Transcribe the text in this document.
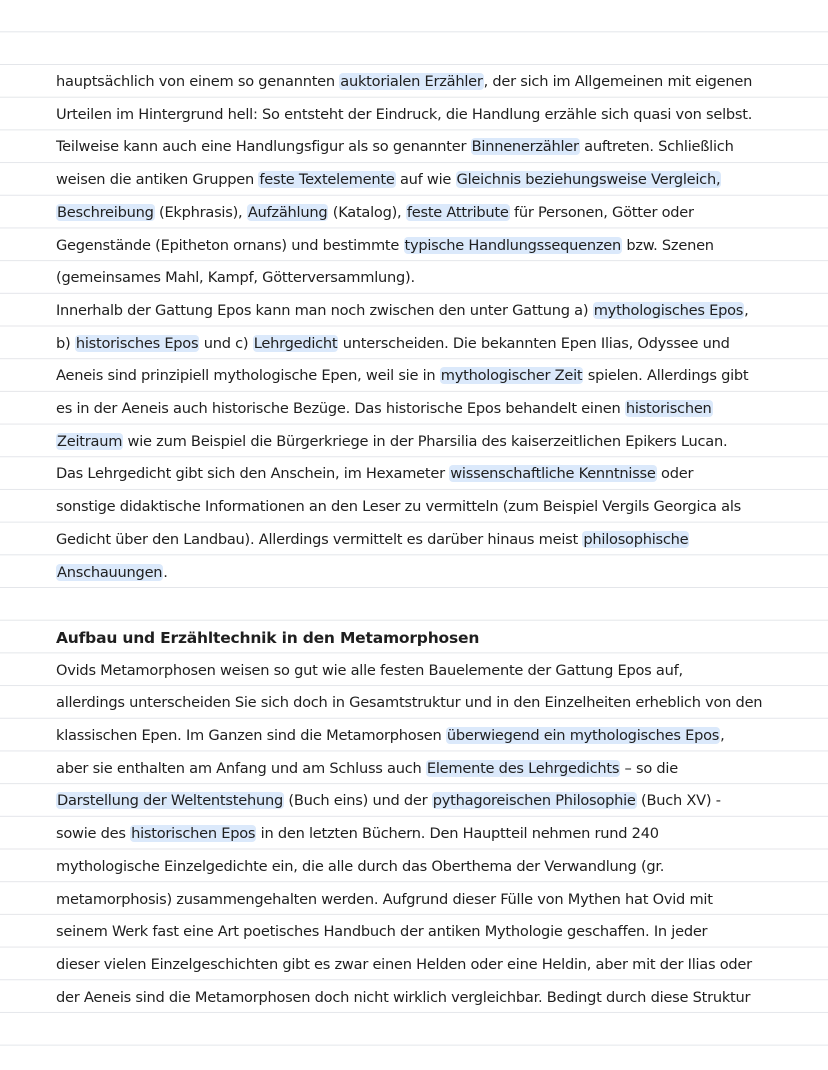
hauptsächlich von einem so genannten auktorialen Erzähler, der sich im Allgemeinen mit eigenen
Urteilen im Hintergrund hell: So entsteht der Eindruck, die Handlung erzähle sich quasi von selbst.
Teilweise kann auch eine Handlungsfigur als so genannter Binnenerzähler auftreten. Schließlich
weisen die antiken Gruppen feste Textelemente auf wie Gleichnis beziehungsweise Vergleich,
Beschreibung (Ekphrasis), Aufzählung (Katalog), feste Attribute für Personen, Götter oder
Gegenstände (Epitheton ornans) und bestimmte typische Handlungssequenzen bzw. Szenen
(gemeinsames Mahl, Kampf, Götterversammlung).
Innerhalb der Gattung Epos kann man noch zwischen den unter Gattung a) mythologisches Epos,
b) historisches Epos und c) Lehrgedicht unterscheiden. Die bekannten Epen Ilias, Odyssee und
Aeneis sind prinzipiell mythologische Epen, weil sie in mythologischer Zeit spielen. Allerdings gibt
es in der Aeneis auch historische Bezüge. Das historische Epos behandelt einen historischen
Zeitraum wie zum Beispiel die Bürgerkriege in der Pharsilia des kaiserzeitlichen Epikers Lucan.
Das Lehrgedicht gibt sich den Anschein, im Hexameter wissenschaftliche Kenntnisse oder
sonstige didaktische Informationen an den Leser zu vermitteln (zum Beispiel Vergils Georgica als
Gedicht über den Landbau). Allerdings vermittelt es darüber hinaus meist philosophische
Anschauungen.
Aufbau und Erzähltechnik in den Metamorphosen
Ovids Metamorphosen weisen so gut wie alle festen Bauelemente der Gattung Epos auf,
allerdings unterscheiden Sie sich doch in Gesamtstruktur und in den Einzelheiten erheblich von den
klassischen Epen. Im Ganzen sind die Metamorphosen überwiegend ein mythologisches Epos,
aber sie enthalten am Anfang und am Schluss auch Elemente des Lehrgedichts – so die
Darstellung der Weltentstehung (Buch eins) und der pythagoreischen Philosophie (Buch XV) -
sowie des historischen Epos in den letzten Büchern. Den Hauptteil nehmen rund 240
mythologische Einzelgedichte ein, die alle durch das Oberthema der Verwandlung (gr.
metamorphosis) zusammengehalten werden. Aufgrund dieser Fülle von Mythen hat Ovid mit
seinem Werk fast eine Art poetisches Handbuch der antiken Mythologie geschaffen. In jeder
dieser vielen Einzelgeschichten gibt es zwar einen Helden oder eine Heldin, aber mit der Ilias oder
der Aeneis sind die Metamorphosen doch nicht wirklich vergleichbar. Bedingt durch diese Struktur
